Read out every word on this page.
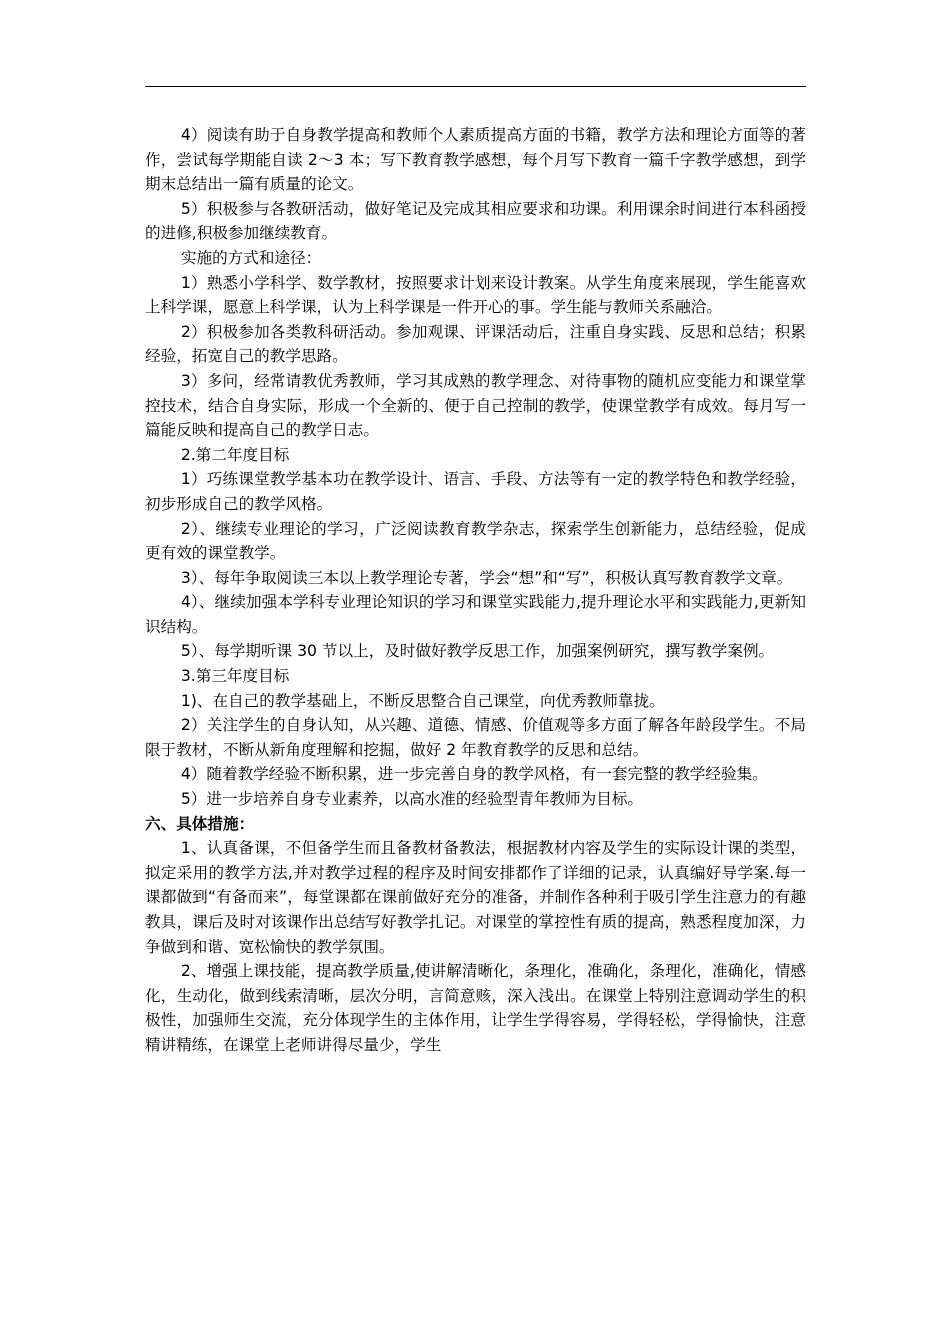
4）阅读有助于自身教学提高和教师个人素质提高方面的书籍，教学方法和理论方面等的著作，尝试每学期能自读 2～3 本；写下教育教学感想，每个月写下教育一篇千字教学感想，到学期末总结出一篇有质量的论文。

5）积极参与各教研活动，做好笔记及完成其相应要求和功课。利用课余时间进行本科函授的进修,积极参加继续教育。

实施的方式和途径：

1）熟悉小学科学、数学教材，按照要求计划来设计教案。从学生角度来展现，学生能喜欢上科学课，愿意上科学课，认为上科学课是一件开心的事。学生能与教师关系融洽。

2）积极参加各类教科研活动。参加观课、评课活动后，注重自身实践、反思和总结；积累经验，拓宽自己的教学思路。

3）多问，经常请教优秀教师，学习其成熟的教学理念、对待事物的随机应变能力和课堂掌控技术，结合自身实际，形成一个全新的、便于自己控制的教学，使课堂教学有成效。每月写一篇能反映和提高自己的教学日志。

2.第二年度目标

1）巧练课堂教学基本功在教学设计、语言、手段、方法等有一定的教学特色和教学经验，初步形成自己的教学风格。

2）、继续专业理论的学习，广泛阅读教育教学杂志，探索学生创新能力，总结经验，促成更有效的课堂教学。

3）、每年争取阅读三本以上教学理论专著，学会“想”和“写”，积极认真写教育教学文章。

4）、继续加强本学科专业理论知识的学习和课堂实践能力,提升理论水平和实践能力,更新知识结构。

5）、每学期听课 30 节以上，及时做好教学反思工作，加强案例研究，撰写教学案例。

3.第三年度目标

1)、在自己的教学基础上，不断反思整合自己课堂，向优秀教师靠拢。

2）关注学生的自身认知，从兴趣、道德、情感、价值观等多方面了解各年龄段学生。不局限于教材，不断从新角度理解和挖掘，做好 2 年教育教学的反思和总结。

4）随着教学经验不断积累，进一步完善自身的教学风格，有一套完整的教学经验集。

5）进一步培养自身专业素养，以高水准的经验型青年教师为目标。

六、具体措施：

1、认真备课，不但备学生而且备教材备教法，根据教材内容及学生的实际设计课的类型，拟定采用的教学方法,并对教学过程的程序及时间安排都作了详细的记录，认真编好导学案.每一课都做到“有备而来”，每堂课都在课前做好充分的准备，并制作各种利于吸引学生注意力的有趣教具，课后及时对该课作出总结写好教学扎记。对课堂的掌控性有质的提高，熟悉程度加深，力争做到和谐、宽松愉快的教学氛围。

2、增强上课技能，提高教学质量,使讲解清晰化，条理化，准确化，条理化，准确化，情感化，生动化，做到线索清晰，层次分明，言简意赅，深入浅出。在课堂上特别注意调动学生的积极性，加强师生交流，充分体现学生的主体作用，让学生学得容易，学得轻松，学得愉快，注意精讲精练，在课堂上老师讲得尽量少，学生
